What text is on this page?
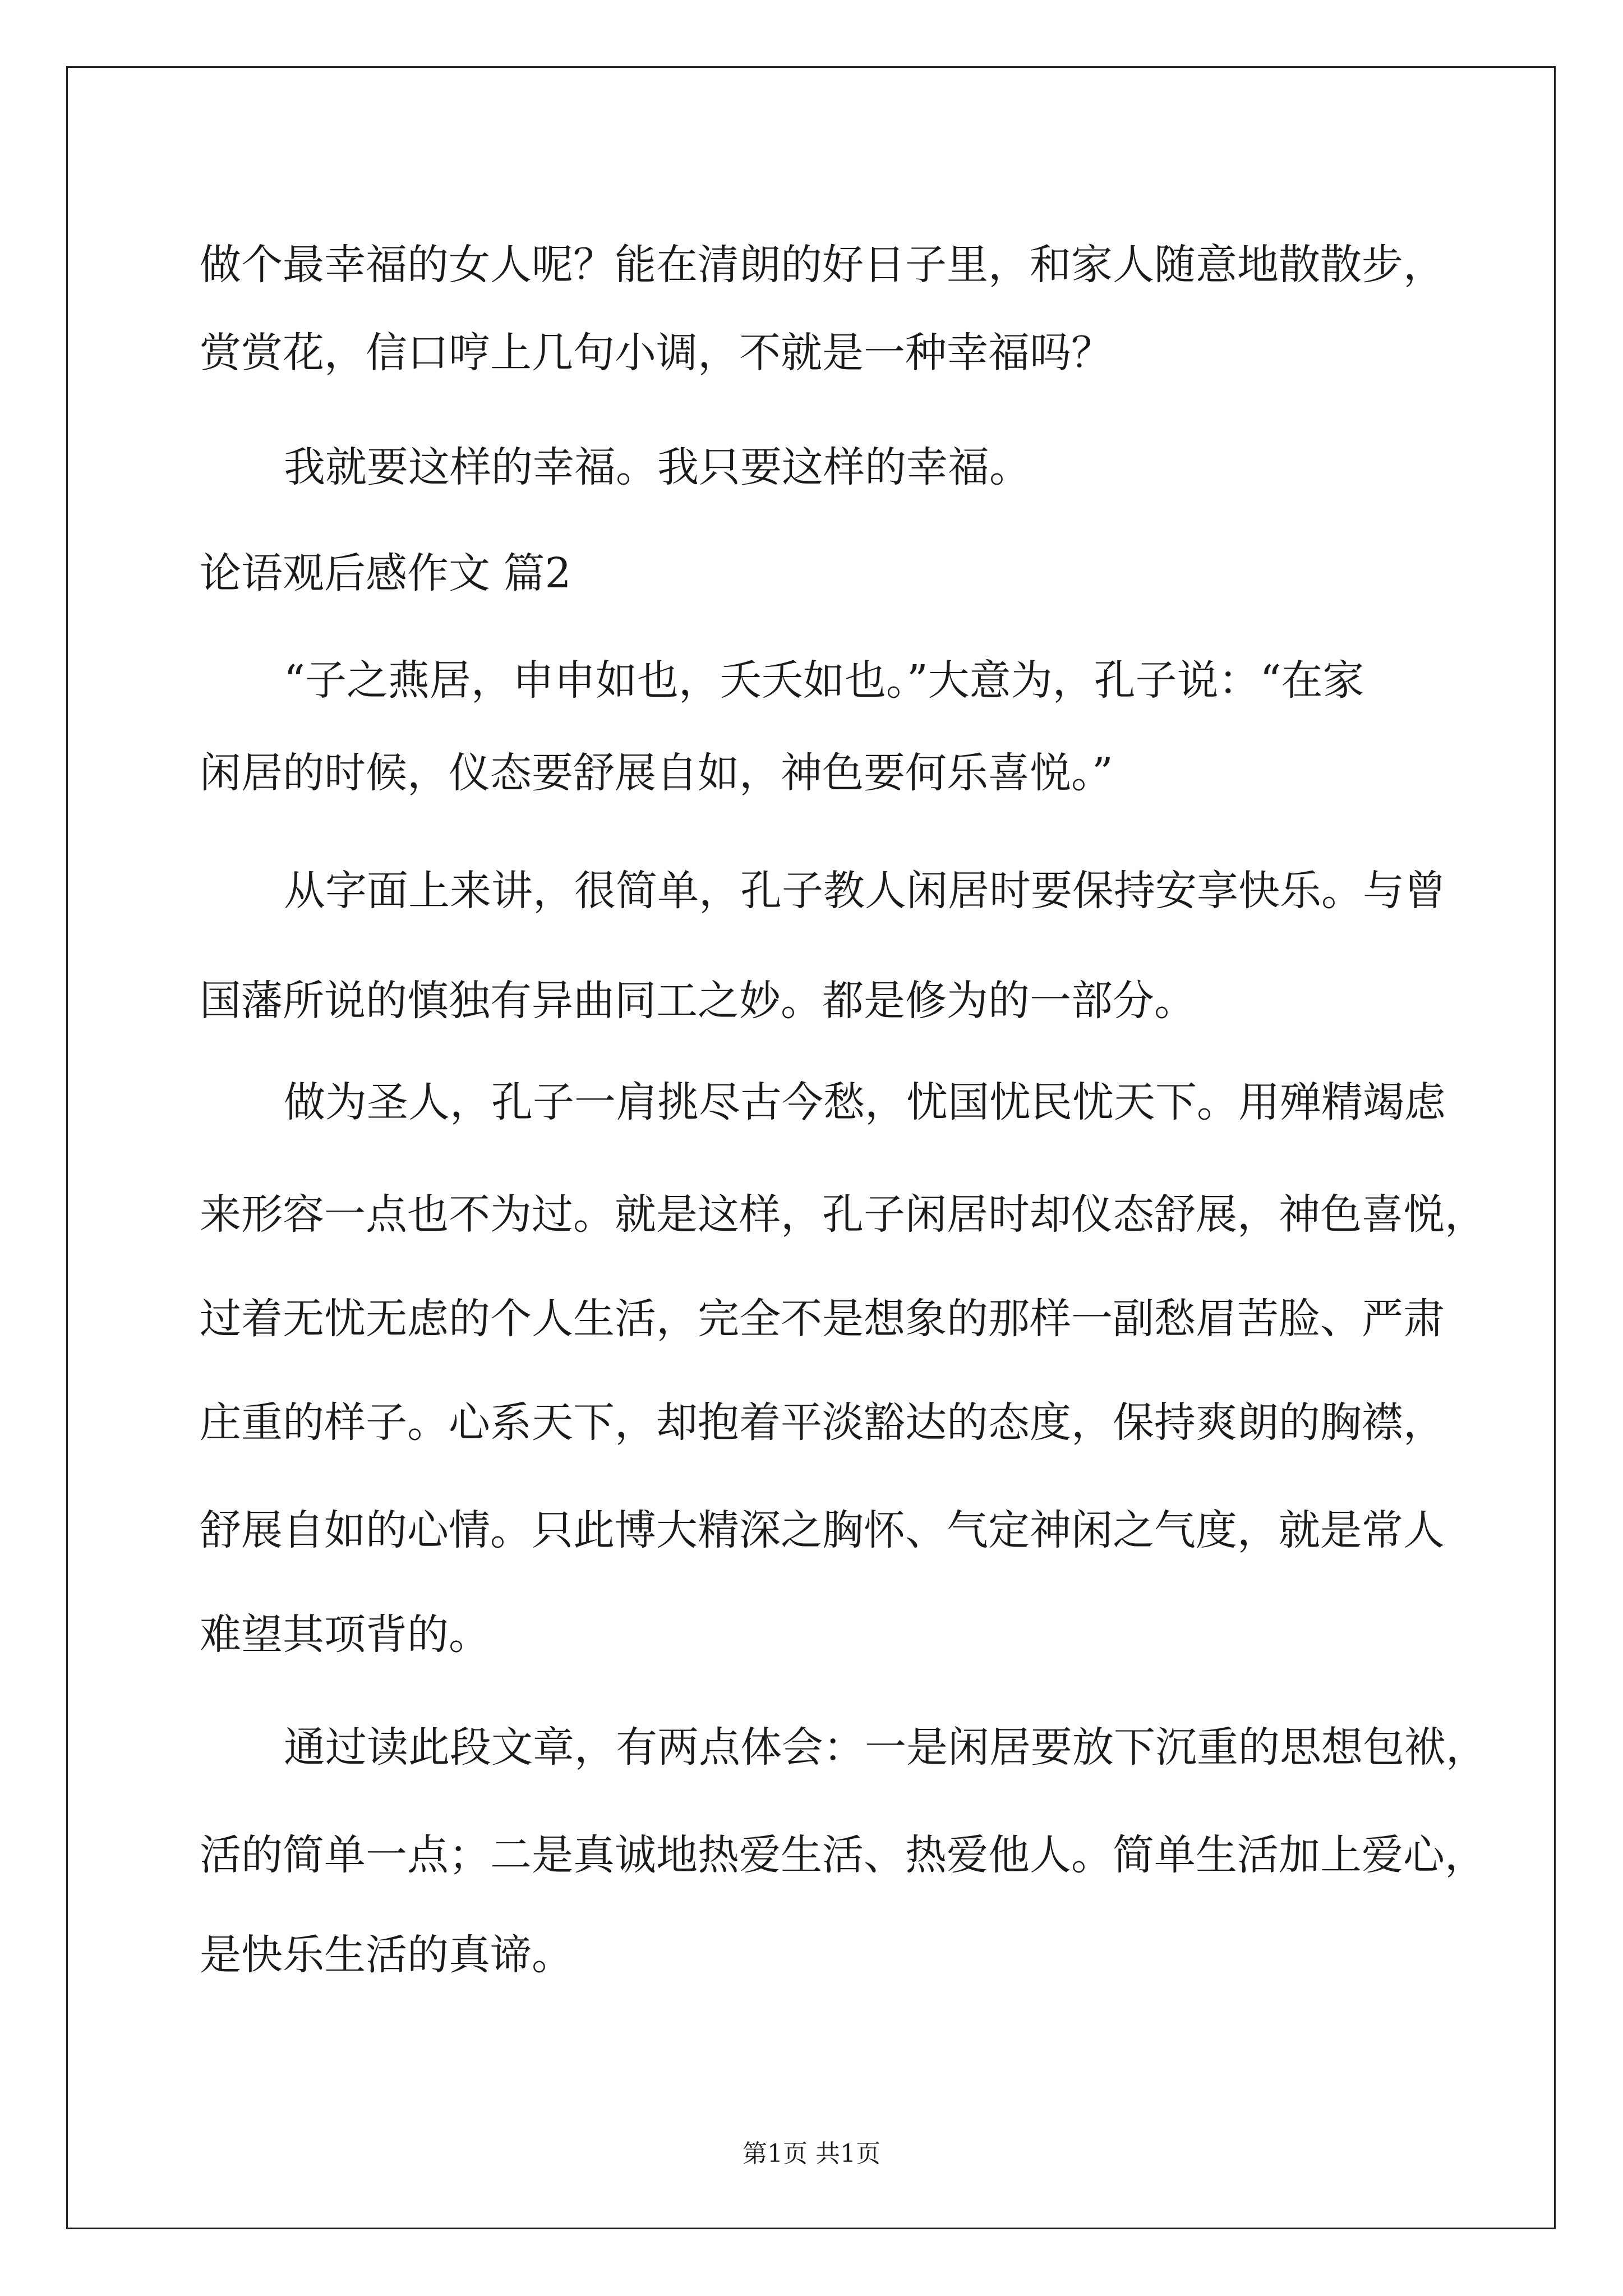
做个最幸福的女人呢？能在清朗的好日子里，和家人随意地散散步，
赏赏花，信口哼上几句小调，不就是一种幸福吗？
我就要这样的幸福。我只要这样的幸福。
论语观后感作文 篇2
“子之燕居，申申如也，夭夭如也。”大意为，孔子说：“在家
闲居的时候，仪态要舒展自如，神色要何乐喜悦。”
从字面上来讲，很简单，孔子教人闲居时要保持安享快乐。与曾
国藩所说的慎独有异曲同工之妙。都是修为的一部分。
做为圣人，孔子一肩挑尽古今愁，忧国忧民忧天下。用殚精竭虑
来形容一点也不为过。就是这样，孔子闲居时却仪态舒展，神色喜悦，
过着无忧无虑的个人生活，完全不是想象的那样一副愁眉苦脸、严肃
庄重的样子。心系天下，却抱着平淡豁达的态度，保持爽朗的胸襟，
舒展自如的心情。只此博大精深之胸怀、气定神闲之气度，就是常人
难望其项背的。
通过读此段文章，有两点体会：一是闲居要放下沉重的思想包袱，
活的简单一点；二是真诚地热爱生活、热爱他人。简单生活加上爱心，
是快乐生活的真谛。
第1页 共1页
